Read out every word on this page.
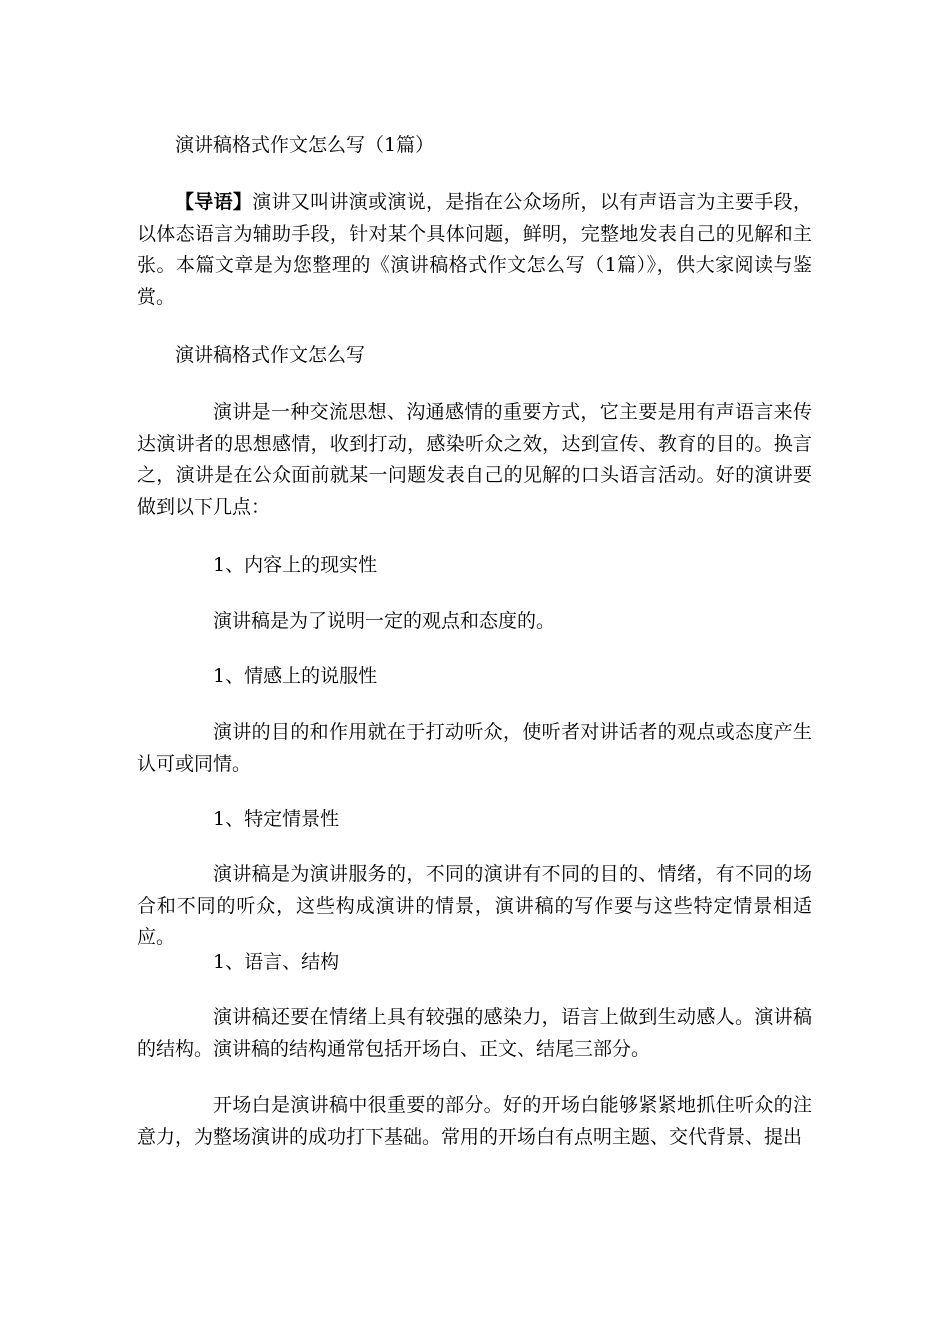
演讲稿格式作文怎么写（1篇）

【导语】演讲又叫讲演或演说，是指在公众场所，以有声语言为主要手段，以体态语言为辅助手段，针对某个具体问题，鲜明，完整地发表自己的见解和主张。本篇文章是为您整理的《演讲稿格式作文怎么写（1篇）》，供大家阅读与鉴赏。

演讲稿格式作文怎么写

演讲是一种交流思想、沟通感情的重要方式，它主要是用有声语言来传达演讲者的思想感情，收到打动，感染听众之效，达到宣传、教育的目的。换言之，演讲是在公众面前就某一问题发表自己的见解的口头语言活动。好的演讲要做到以下几点：

1、内容上的现实性

演讲稿是为了说明一定的观点和态度的。

1、情感上的说服性

演讲的目的和作用就在于打动听众，使听者对讲话者的观点或态度产生认可或同情。

1、特定情景性

演讲稿是为演讲服务的，不同的演讲有不同的目的、情绪，有不同的场合和不同的听众，这些构成演讲的情景，演讲稿的写作要与这些特定情景相适应。

1、语言、结构

演讲稿还要在情绪上具有较强的感染力，语言上做到生动感人。演讲稿的结构。演讲稿的结构通常包括开场白、正文、结尾三部分。

开场白是演讲稿中很重要的部分。好的开场白能够紧紧地抓住听众的注意力，为整场演讲的成功打下基础。常用的开场白有点明主题、交代背景、提出
